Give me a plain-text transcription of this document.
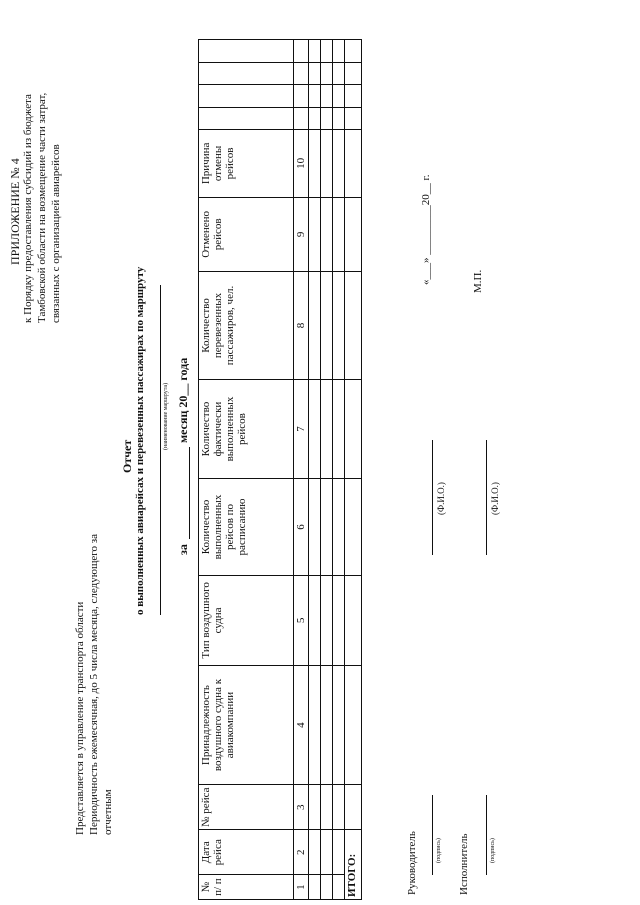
ПРИЛОЖЕНИЕ № 4 к Порядку предоставления субсидий из бюджета Тамбовской области на возмещение части затрат, связанных с организацией авиарейсов
Представляется в управление транспорта области Периодичность ежемесячная, до 5 числа месяца, следующего за отчетным
Отчет о выполненных авиарейсах и перевезенных пассажирах по маршруту	(наименование маршрута)
за
месяц 20__ года
№ п/ п	Дата рейса	№ рейса	Принадлежность воздушного судна к авиакомпании	Тип воздушного судна	Количество выполненных рейсов по расписанию	Количество фактически выполненных рейсов	Количество перевезенных пассажиров, чел.	Отменено рейсов	Причина отмены рейсов				
1	2	3	4	5	6	7	8	9	10				

ИТОГО:														Руководитель	(подпись)
(Ф.И.О.)
Исполнитель	(подпись)
(Ф.И.О.)
«___» _________20__ г.	М.П.
